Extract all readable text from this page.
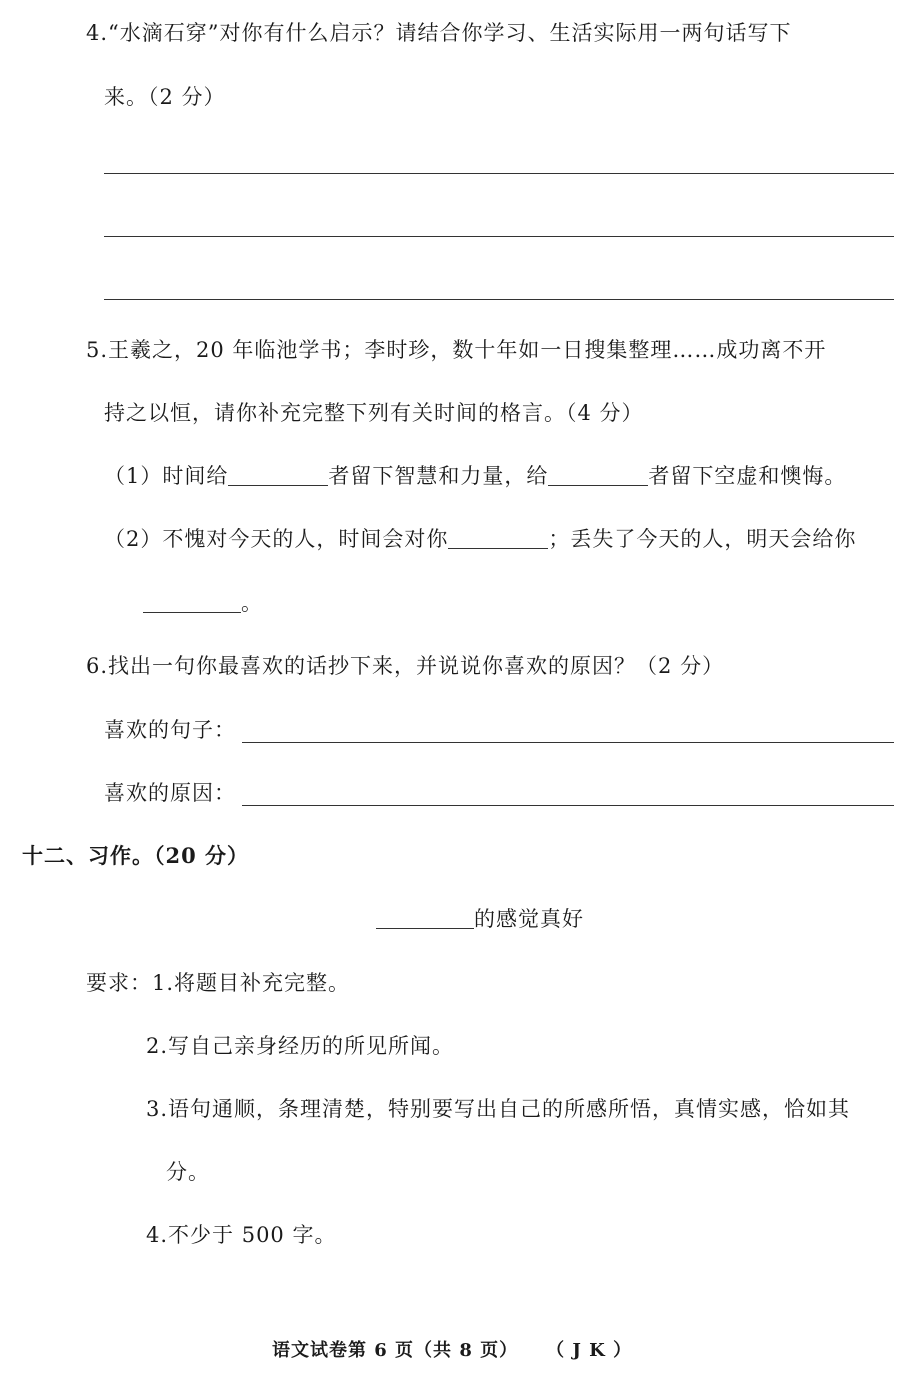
4.“水滴石穿”对你有什么启示？请结合你学习、生活实际用一两句话写下
来。（2 分）
5.王羲之，20 年临池学书；李时珍，数十年如一日搜集整理……成功离不开
持之以恒，请你补充完整下列有关时间的格言。（4 分）
（1）时间给	者留下智慧和力量，给	者留下空虚和懊悔。
（2）不愧对今天的人，时间会对你	；丢失了今天的人，明天会给你
。
6.找出一句你最喜欢的话抄下来，并说说你喜欢的原因？（2 分）
喜欢的句子：
喜欢的原因：
十二、习作。（20 分）
的感觉真好
要求：1.将题目补充完整。
2.写自己亲身经历的所见所闻。
3.语句通顺，条理清楚，特别要写出自己的所感所悟，真情实感，恰如其
分。
4.不少于 500 字。
语文试卷第 6 页（共 8 页） （ J K ）
